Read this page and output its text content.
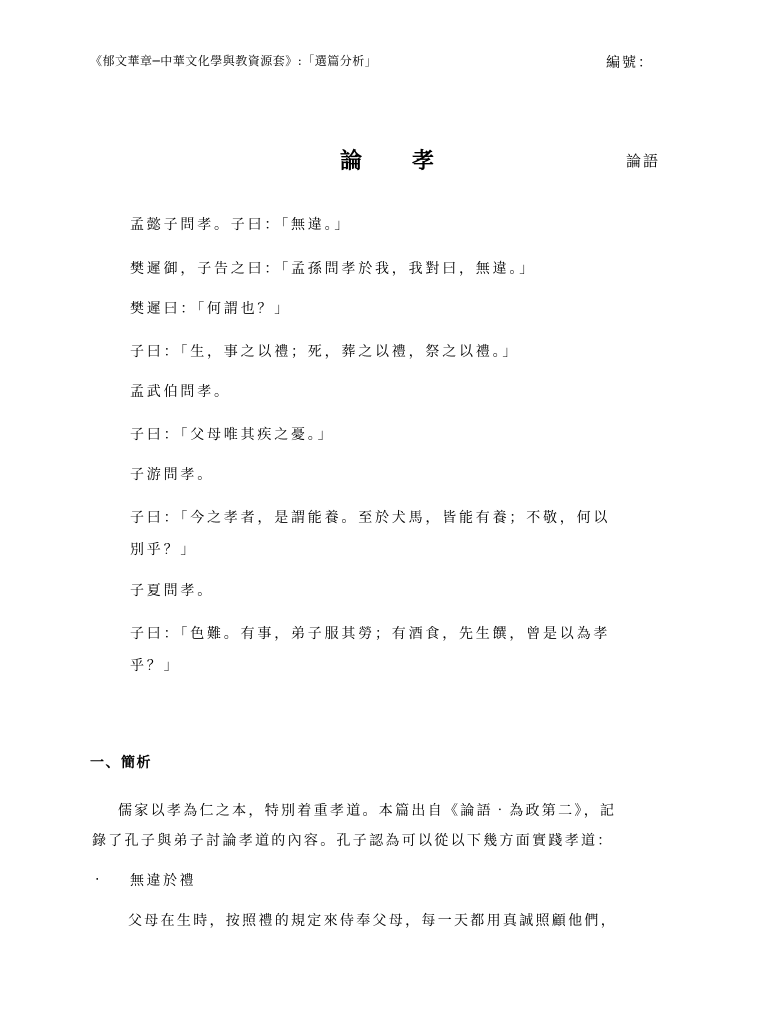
《郁文華章─中華文化學與教資源套》:「選篇分析」	編號：
論　孝	論語
孟懿子問孝。子曰：「無違。」
樊遲御，子告之曰：「孟孫問孝於我，我對曰，無違。」
樊遲曰：「何謂也？」
子曰：「生，事之以禮；死，葬之以禮，祭之以禮。」
孟武伯問孝。
子曰：「父母唯其疾之憂。」
子游問孝。
子曰：「今之孝者，是謂能養。至於犬馬，皆能有養；不敬，何以
別乎？」
子夏問孝。
子曰：「色難。有事，弟子服其勞；有酒食，先生饌，曾是以為孝
乎？」
一、簡析
儒家以孝為仁之本，特別着重孝道。本篇出自《論語‧為政第二》，記
錄了孔子與弟子討論孝道的內容。孔子認為可以從以下幾方面實踐孝道：
‧ 無違於禮
父母在生時，按照禮的規定來侍奉父母，每一天都用真誠照顧他們，
